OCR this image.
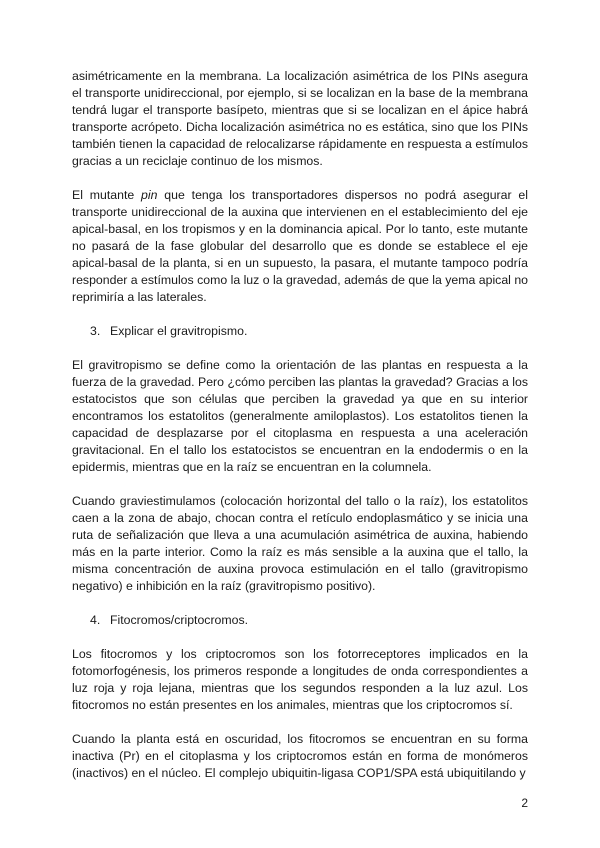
asimétricamente en la membrana. La localización asimétrica de los PINs asegura el transporte unidireccional, por ejemplo, si se localizan en la base de la membrana tendrá lugar el transporte basípeto, mientras que si se localizan en el ápice habrá transporte acrópeto. Dicha localización asimétrica no es estática, sino que los PINs también tienen la capacidad de relocalizarse rápidamente en respuesta a estímulos gracias a un reciclaje continuo de los mismos.

El mutante pin que tenga los transportadores dispersos no podrá asegurar el transporte unidireccional de la auxina que intervienen en el establecimiento del eje apical-basal, en los tropismos y en la dominancia apical. Por lo tanto, este mutante no pasará de la fase globular del desarrollo que es donde se establece el eje apical-basal de la planta, si en un supuesto, la pasara, el mutante tampoco podría responder a estímulos como la luz o la gravedad, además de que la yema apical no reprimiría a las laterales.

3. Explicar el gravitropismo.

El gravitropismo se define como la orientación de las plantas en respuesta a la fuerza de la gravedad. Pero ¿cómo perciben las plantas la gravedad? Gracias a los estatocistos que son células que perciben la gravedad ya que en su interior encontramos los estatolitos (generalmente amiloplastos). Los estatolitos tienen la capacidad de desplazarse por el citoplasma en respuesta a una aceleración gravitacional. En el tallo los estatocistos se encuentran en la endodermis o en la epidermis, mientras que en la raíz se encuentran en la columnela.

Cuando graviestimulamos (colocación horizontal del tallo o la raíz), los estatolitos caen a la zona de abajo, chocan contra el retículo endoplasmático y se inicia una ruta de señalización que lleva a una acumulación asimétrica de auxina, habiendo más en la parte interior. Como la raíz es más sensible a la auxina que el tallo, la misma concentración de auxina provoca estimulación en el tallo (gravitropismo negativo) e inhibición en la raíz (gravitropismo positivo).

4. Fitocromos/criptocromos.

Los fitocromos y los criptocromos son los fotorreceptores implicados en la fotomorfogénesis, los primeros responde a longitudes de onda correspondientes a luz roja y roja lejana, mientras que los segundos responden a la luz azul. Los fitocromos no están presentes en los animales, mientras que los criptocromos sí.

Cuando la planta está en oscuridad, los fitocromos se encuentran en su forma inactiva (Pr) en el citoplasma y los criptocromos están en forma de monómeros (inactivos) en el núcleo. El complejo ubiquitin-ligasa COP1/SPA está ubiquitilando y

2
